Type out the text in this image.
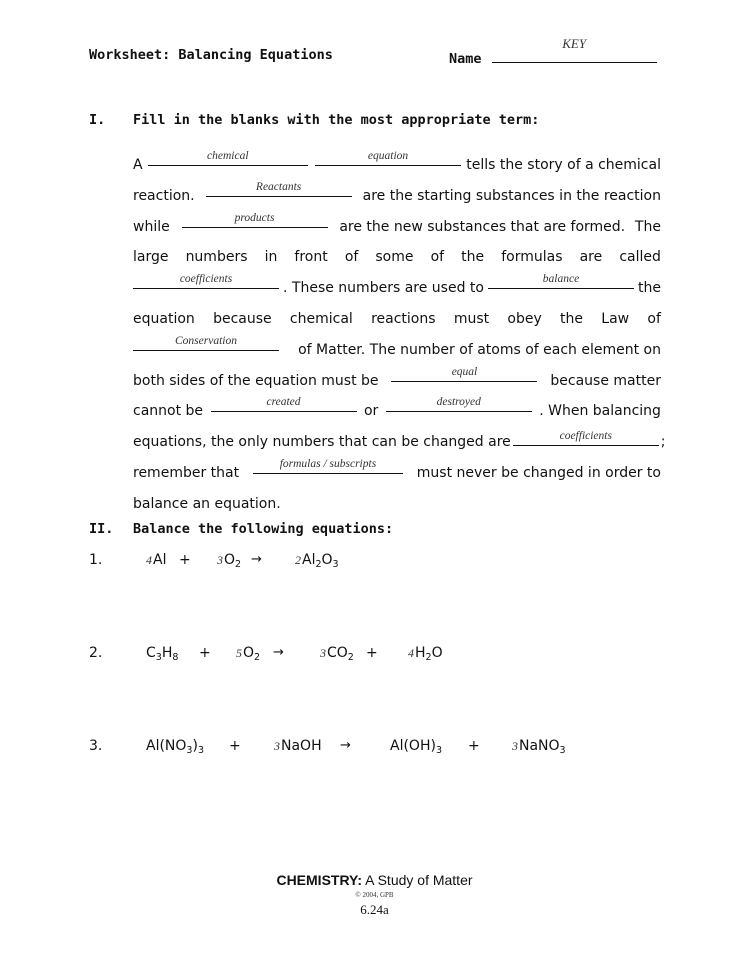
Worksheet: Balancing Equations	Name
KEY
I. Fill in the blanks with the most appropriate term:
A
chemical	equation
tells the story of a chemical
reaction.
Reactants
are the starting substances in the reaction
while
products
are the new substances that are formed. The
large numbers in front of some of the formulas are called
coefficients
. These numbers are used to
balance
the
equation because chemical reactions must obey the Law of
Conservation
of Matter. The number of atoms of each element on
both sides of the equation must be
equal
because matter
cannot be
created
or
destroyed
. When balancing
equations, the only numbers that can be changed are	coefficients	;
remember that
formulas / subscripts
must never be changed in order to
balance an equation.
II. Balance the following equations:
1.	$4Al + 3O_2$ →	$2Al_2O_3$
2.	$C_3H_8 + 5O_2$ →	$3CO_2$ +	$4H_2O$
3.	$Al(NO_3)_3$ +	3NaOH →	$Al(OH)_3$ +	3NaNO$_3$
CHEMISTRY: A Study of Matter
© 2004, GPB
6.24a
